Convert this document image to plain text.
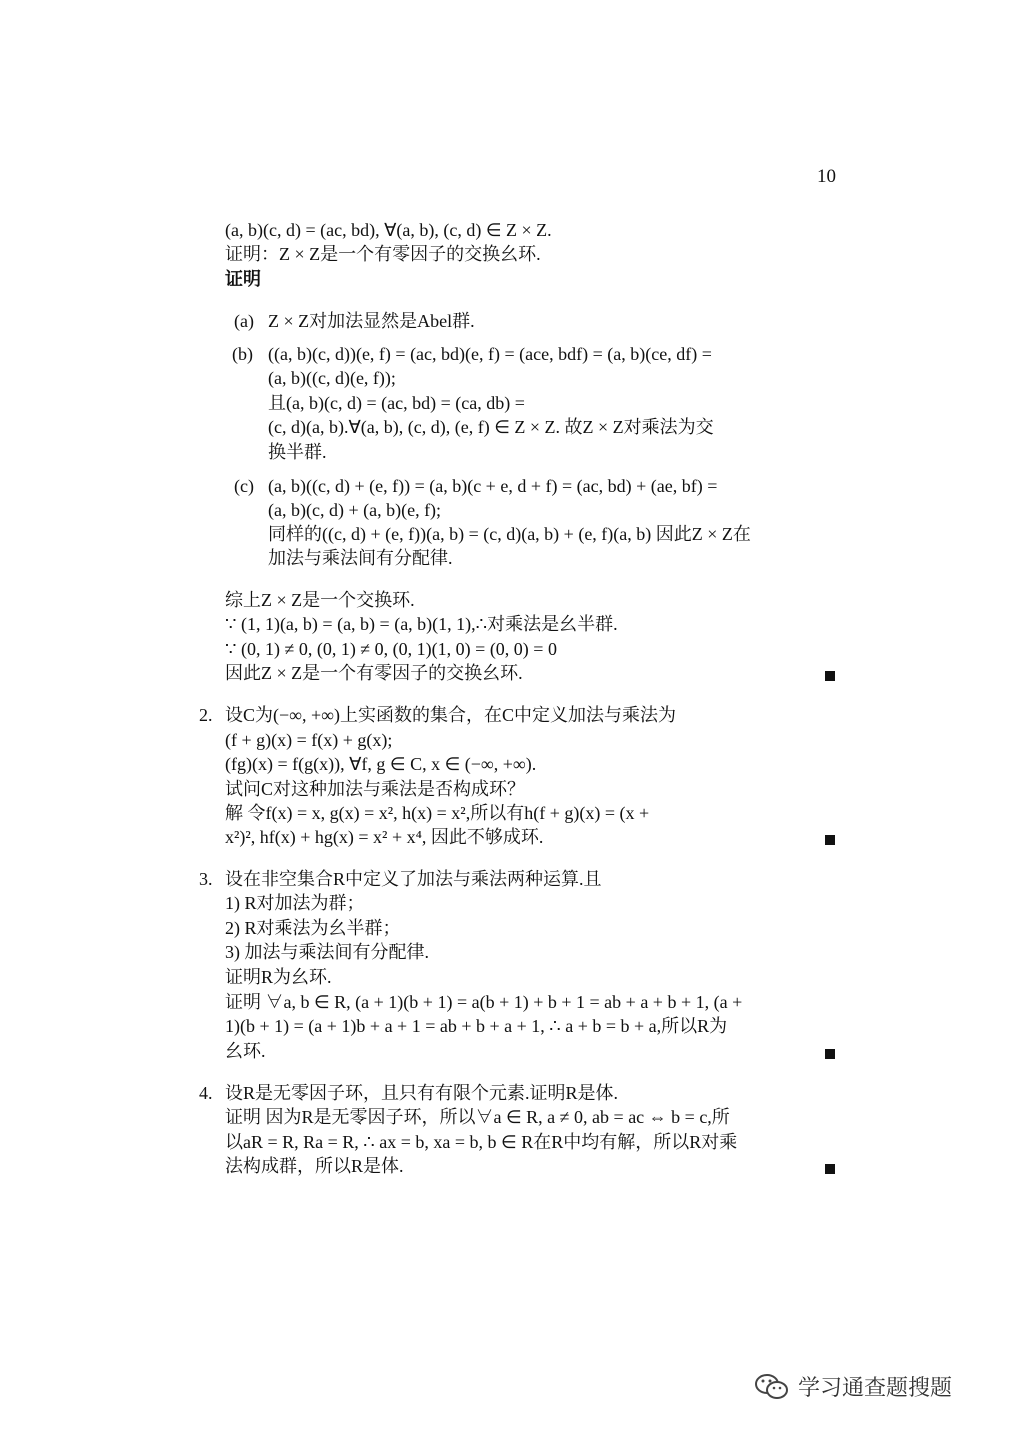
10
(a, b)(c, d) = (ac, bd), ∀(a, b), (c, d) ∈ Z × Z.
证明：Z × Z是一个有零因子的交换幺环.
证明
(a) Z × Z对加法显然是Abel群.
(b) ((a, b)(c, d))(e, f) = (ac, bd)(e, f) = (ace, bdf) = (a, b)(ce, df) =
(a, b)((c, d)(e, f));
且(a, b)(c, d) = (ac, bd) = (ca, db) =
(c, d)(a, b).∀(a, b), (c, d), (e, f) ∈ Z × Z. 故Z × Z对乘法为交
换半群.
(c) (a, b)((c, d) + (e, f)) = (a, b)(c + e, d + f) = (ac, bd) + (ae, bf) =
(a, b)(c, d) + (a, b)(e, f);
同样的((c, d) + (e, f))(a, b) = (c, d)(a, b) + (e, f)(a, b) 因此Z × Z在
加法与乘法间有分配律.
综上Z × Z是一个交换环.
∵ (1, 1)(a, b) = (a, b) = (a, b)(1, 1),∴对乘法是幺半群.
∵ (0, 1) ≠ 0, (0, 1) ≠ 0, (0, 1)(1, 0) = (0, 0) = 0
因此Z × Z是一个有零因子的交换幺环.
2. 设C为(−∞, +∞)上实函数的集合，在C中定义加法与乘法为
(f + g)(x) = f(x) + g(x);
(fg)(x) = f(g(x)), ∀f, g ∈ C, x ∈ (−∞, +∞).
试问C对这种加法与乘法是否构成环？
解 令f(x) = x, g(x) = x², h(x) = x²,所以有h(f + g)(x) = (x +
x²)², hf(x) + hg(x) = x² + x⁴, 因此不够成环.
3. 设在非空集合R中定义了加法与乘法两种运算.且
1) R对加法为群；
2) R对乘法为幺半群；
3) 加法与乘法间有分配律.
证明R为幺环.
证明 ∀a, b ∈ R, (a + 1)(b + 1) = a(b + 1) + b + 1 = ab + a + b + 1, (a +
1)(b + 1) = (a + 1)b + a + 1 = ab + b + a + 1, ∴ a + b = b + a,所以R为
幺环.
4. 设R是无零因子环，且只有有限个元素.证明R是体.
证明 因为R是无零因子环，所以∀a ∈ R, a ≠ 0, ab = ac ⇔ b = c,所
以aR = R, Ra = R, ∴ ax = b, xa = b, b ∈ R在R中均有解，所以R对乘
法构成群，所以R是体.
学习通查题搜题
